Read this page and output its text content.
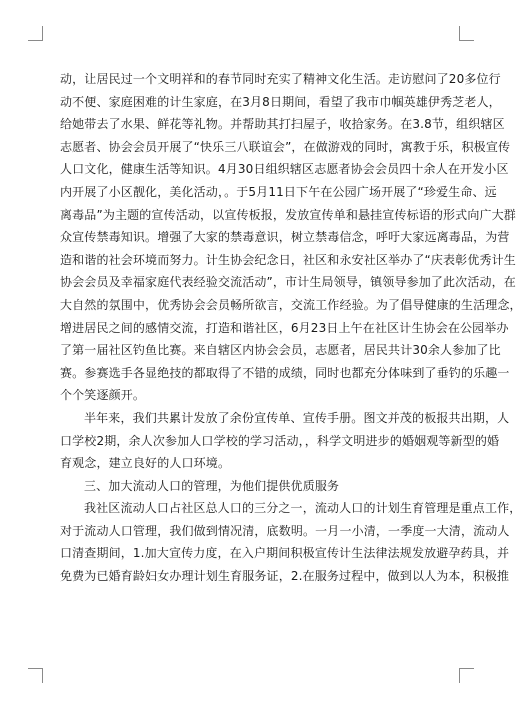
动，让居民过一个文明祥和的春节同时充实了精神文化生活。走访慰问了20多位行
动不便、家庭困难的计生家庭，在3月8日期间，看望了我市巾帼英雄伊秀芝老人，
给她带去了水果、鲜花等礼物。并帮助其打扫屋子，收拾家务。在3.8节，组织辖区
志愿者、协会会员开展了“快乐三八联谊会”，在做游戏的同时，寓教于乐，积极宣传
人口文化，健康生活等知识。4月30日组织辖区志愿者协会会员四十余人在开发小区
内开展了小区靓化，美化活动，。于5月11日下午在公园广场开展了“珍爱生命、远
离毒品”为主题的宣传活动，以宣传板报，发放宣传单和悬挂宣传标语的形式向广大群
众宣传禁毒知识。增强了大家的禁毒意识，树立禁毒信念，呼吁大家远离毒品，为营
造和谐的社会环境而努力。计生协会纪念日，社区和永安社区举办了“庆表彰优秀计生
协会会员及幸福家庭代表经验交流活动”，市计生局领导，镇领导参加了此次活动，在
大自然的氛围中，优秀协会会员畅所欲言，交流工作经验。为了倡导健康的生活理念，
增进居民之间的感情交流，打造和谐社区，6月23日上午在社区计生协会在公园举办
了第一届社区钓鱼比赛。来自辖区内协会会员，志愿者，居民共计30余人参加了比
赛。参赛选手各显绝技的都取得了不错的成绩，同时也都充分体味到了垂钓的乐趣一
个个笑逐颜开。
半年来，我们共累计发放了余份宣传单、宣传手册。图文并茂的板报共出期，人
口学校2期，余人次参加人口学校的学习活动，，科学文明进步的婚姻观等新型的婚
育观念，建立良好的人口环境。
三、加大流动人口的管理，为他们提供优质服务
我社区流动人口占社区总人口的三分之一，流动人口的计划生育管理是重点工作，
对于流动人口管理，我们做到情况清，底数明。一月一小清，一季度一大清，流动人
口清查期间，1.加大宣传力度，在入户期间积极宣传计生法律法规发放避孕药具，并
免费为已婚育龄妇女办理计划生育服务证，2.在服务过程中，做到以人为本，积极推
